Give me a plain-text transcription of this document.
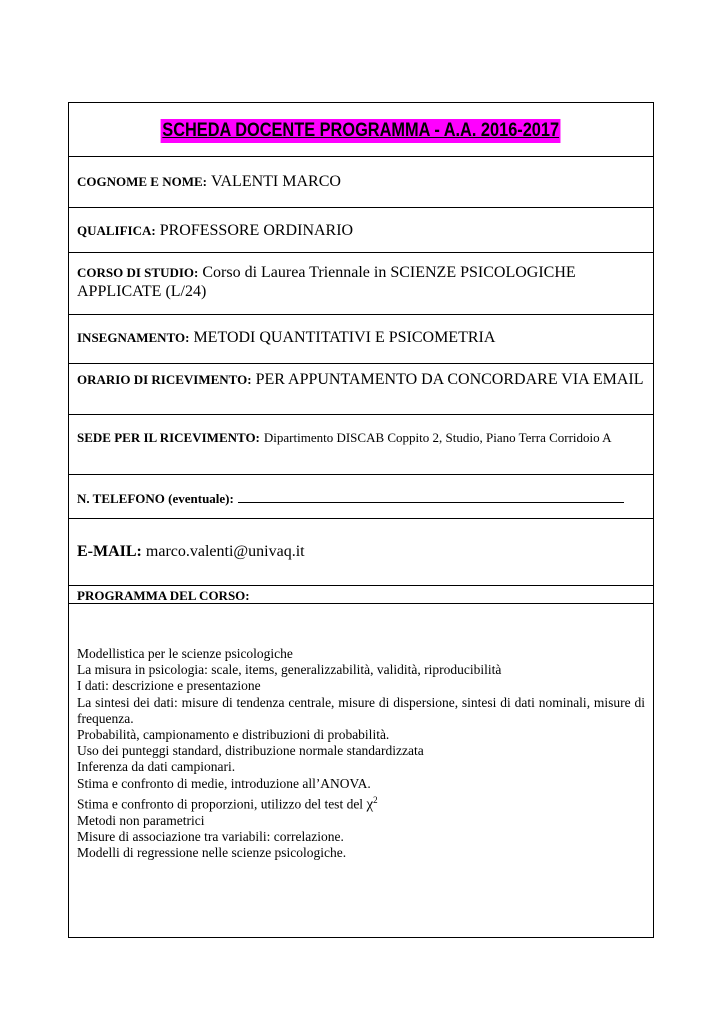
SCHEDA DOCENTE PROGRAMMA - A.A. 2016-2017
COGNOME E NOME: VALENTI MARCO
QUALIFICA: PROFESSORE ORDINARIO
CORSO DI STUDIO: Corso di Laurea Triennale in SCIENZE PSICOLOGICHE APPLICATE (L/24)
INSEGNAMENTO: METODI QUANTITATIVI E PSICOMETRIA
ORARIO DI RICEVIMENTO: PER APPUNTAMENTO DA CONCORDARE VIA EMAIL
SEDE PER IL RICEVIMENTO: Dipartimento DISCAB Coppito 2, Studio, Piano Terra Corridoio A
N. TELEFONO (eventuale):
E-MAIL: marco.valenti@univaq.it
PROGRAMMA DEL CORSO:
Modellistica per le scienze psicologiche
La misura in psicologia: scale, items, generalizzabilità, validità, riproducibilità
I dati: descrizione e presentazione
La sintesi dei dati: misure di tendenza centrale, misure di dispersione, sintesi di dati nominali, misure di frequenza.
Probabilità, campionamento e distribuzioni di probabilità.
Uso dei punteggi standard, distribuzione normale standardizzata
Inferenza da dati campionari.
Stima e confronto di medie, introduzione all’ANOVA.
Stima e confronto di proporzioni, utilizzo del test del $\chi^2$
Metodi non parametrici
Misure di associazione tra variabili: correlazione.
Modelli di regressione nelle scienze psicologiche.
